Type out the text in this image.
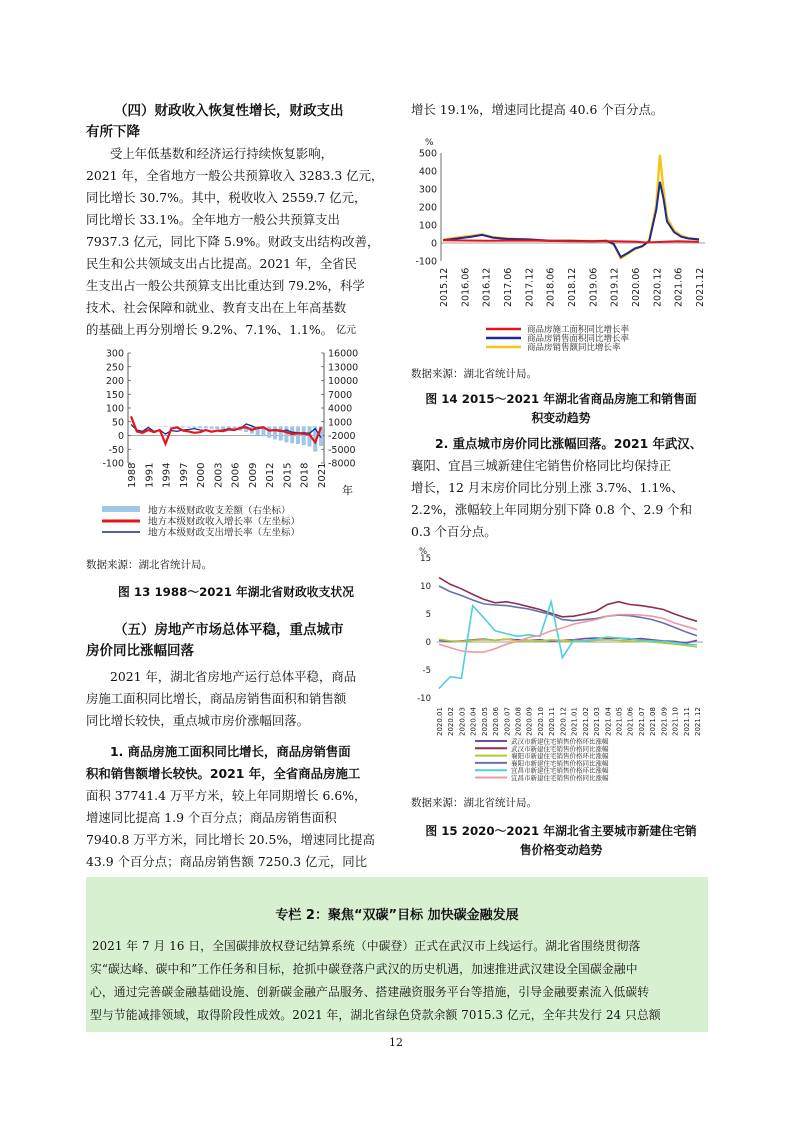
（四）财政收入恢复性增长，财政支出
有所下降
受上年低基数和经济运行持续恢复影响，
2021 年，全省地方一般公共预算收入 3283.3 亿元，
同比增长 30.7%。其中，税收收入 2559.7 亿元，
同比增长 33.1%。全年地方一般公共预算支出
7937.3 亿元，同比下降 5.9%。财政支出结构改善，
民生和公共领域支出占比提高。2021 年，全省民
生支出占一般公共预算支出比重达到 79.2%，科学
技术、社会保障和就业、教育支出在上年高基数
的基础上再分别增长 9.2%、7.1%、1.1%。
300
250
200
150
100
50
0
-50
-100
16000
13000
10000
7000
4000
1000
-2000
-5000
-8000
1988 1991 1994 1997 2000 2003 2006 2009 2012 2015 2018 2021
亿元
年
地方本级财政收支差额（右坐标）
地方本级财政收入增长率（左坐标）
地方本级财政支出增长率（左坐标）
数据来源：湖北省统计局。
图 13 1988～2021 年湖北省财政收支状况
（五）房地产市场总体平稳，重点城市
房价同比涨幅回落
2021 年，湖北省房地产运行总体平稳，商品
房施工面积同比增长，商品房销售面积和销售额
同比增长较快，重点城市房价涨幅回落。
1. 商品房施工面积同比增长，商品房销售面
积和销售额增长较快。2021 年，全省商品房施工
面积 37741.4 万平方米，较上年同期增长 6.6%，
增速同比提高 1.9 个百分点；商品房销售面积
7940.8 万平方米，同比增长 20.5%，增速同比提高
43.9 个百分点；商品房销售额 7250.3 亿元，同比
增长 19.1%，增速同比提高 40.6 个百分点。
%
500
400
300
200
100
0
-100
2015.12 2016.06 2016.12 2017.06 2017.12 2018.06 2018.12 2019.06 2019.12 2020.06 2020.12 2021.06 2021.12
商品房施工面积同比增长率
商品房销售面积同比增长率
商品房销售额同比增长率
数据来源：湖北省统计局。
图 14 2015～2021 年湖北省商品房施工和销售面
积变动趋势
2. 重点城市房价同比涨幅回落。2021 年武汉、
襄阳、宜昌三城新建住宅销售价格同比均保持正
增长，12 月末房价同比分别上涨 3.7%、1.1%、
2.2%，涨幅较上年同期分别下降 0.8 个、2.9 个和
0.3 个百分点。
%
15
10
5
0
-5
-10
2020.01 2020.02 2020.03 2020.04 2020.05 2020.06 2020.07 2020.08 2020.09 2020.10 2020.11 2020.12 2021.01 2021.02 2021.03 2021.04 2021.05 2021.06 2021.07 2021.08 2021.09 2021.10 2021.11 2021.12
武汉市新建住宅销售价格环比涨幅
武汉市新建住宅销售价格同比涨幅
襄阳市新建住宅销售价格环比涨幅
襄阳市新建住宅销售价格同比涨幅
宜昌市新建住宅销售价格环比涨幅
宜昌市新建住宅销售价格同比涨幅
数据来源：湖北省统计局。
图 15 2020～2021 年湖北省主要城市新建住宅销
售价格变动趋势
专栏 2：聚焦“双碳”目标 加快碳金融发展
2021 年 7 月 16 日，全国碳排放权登记结算系统（中碳登）正式在武汉市上线运行。湖北省围绕贯彻落
实“碳达峰、碳中和”工作任务和目标，抢抓中碳登落户武汉的历史机遇，加速推进武汉建设全国碳金融中
心，通过完善碳金融基础设施、创新碳金融产品服务、搭建融资服务平台等措施，引导金融要素流入低碳转
型与节能减排领域，取得阶段性成效。2021 年，湖北省绿色贷款余额 7015.3 亿元，全年共发行 24 只总额
12
